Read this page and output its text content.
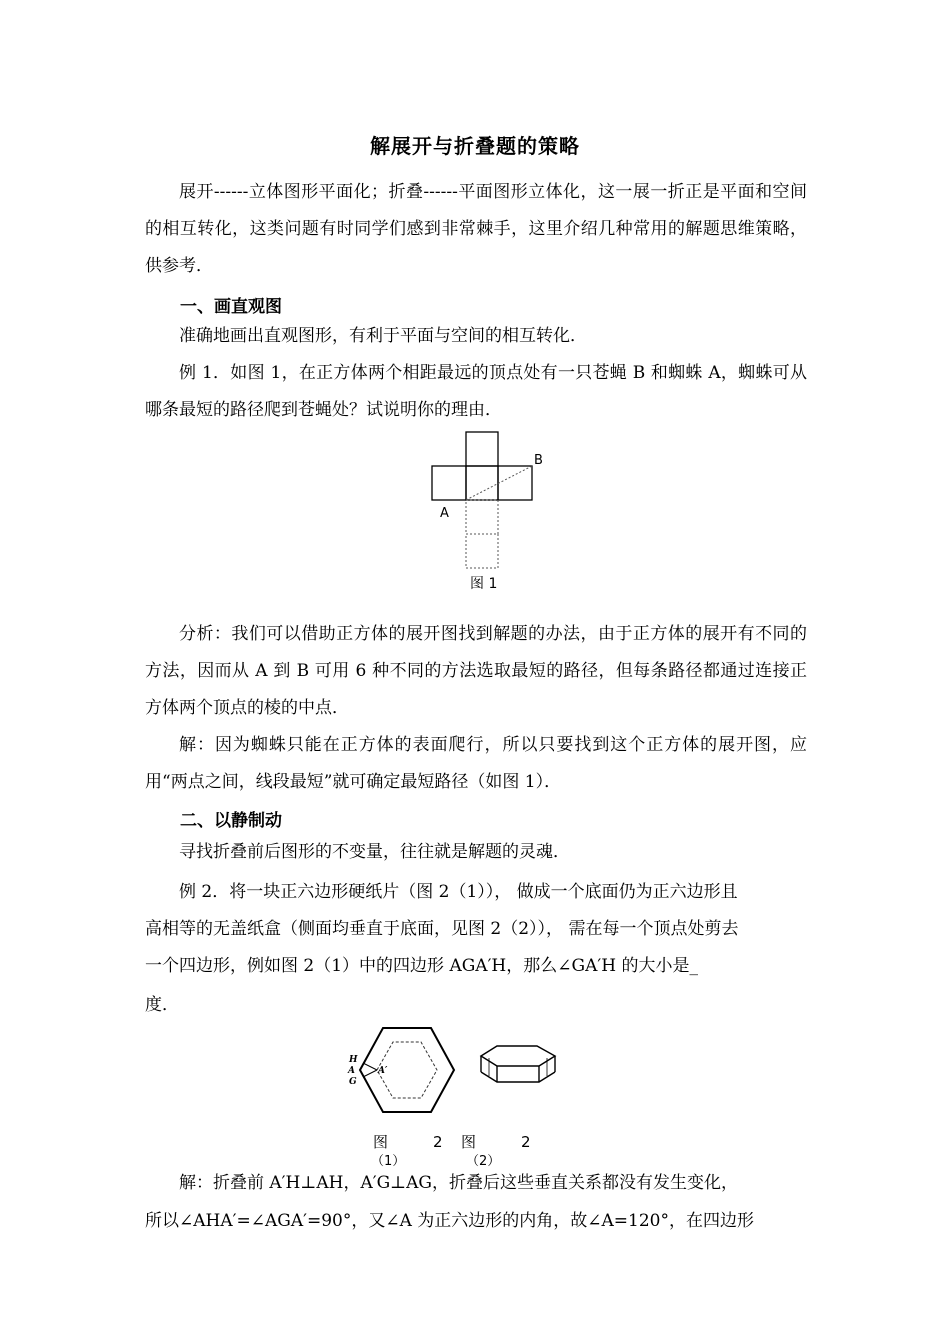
解展开与折叠题的策略

展开------立体图形平面化；折叠------平面图形立体化，这一展一折正是平面和空间的相互转化，这类问题有时同学们感到非常棘手，这里介绍几种常用的解题思维策略，供参考．

一、画直观图

准确地画出直观图形，有利于平面与空间的相互转化．

例 1．如图 1，在正方体两个相距最远的顶点处有一只苍蝇 B 和蜘蛛 A，蜘蛛可从哪条最短的路径爬到苍蝇处？试说明你的理由．

B
A
图 1

分析：我们可以借助正方体的展开图找到解题的办法，由于正方体的展开有不同的方法，因而从 A 到 B 可用 6 种不同的方法选取最短的路径，但每条路径都通过连接正方体两个顶点的棱的中点．

解：因为蜘蛛只能在正方体的表面爬行，所以只要找到这个正方体的展开图，应用“两点之间，线段最短”就可确定最短路径（如图 1）．

二、以静制动

寻找折叠前后图形的不变量，往往就是解题的灵魂．

例 2．将一块正六边形硬纸片（图 2（1））， 做成一个底面仍为正六边形且
高相等的无盖纸盒（侧面均垂直于底面，见图 2（2））， 需在每一个顶点处剪去
一个四边形，例如图 2（1）中的四边形 AGA′H，那么∠GA′H 的大小是_
度．
H
A
G
A′
图　　　2
（1）
图　　　2
（2）
解：折叠前 A′H⊥AH，A′G⊥AG，折叠后这些垂直关系都没有发生变化，
所以∠AHA′=∠AGA′=90°，又∠A 为正六边形的内角，故∠A=120°，在四边形
